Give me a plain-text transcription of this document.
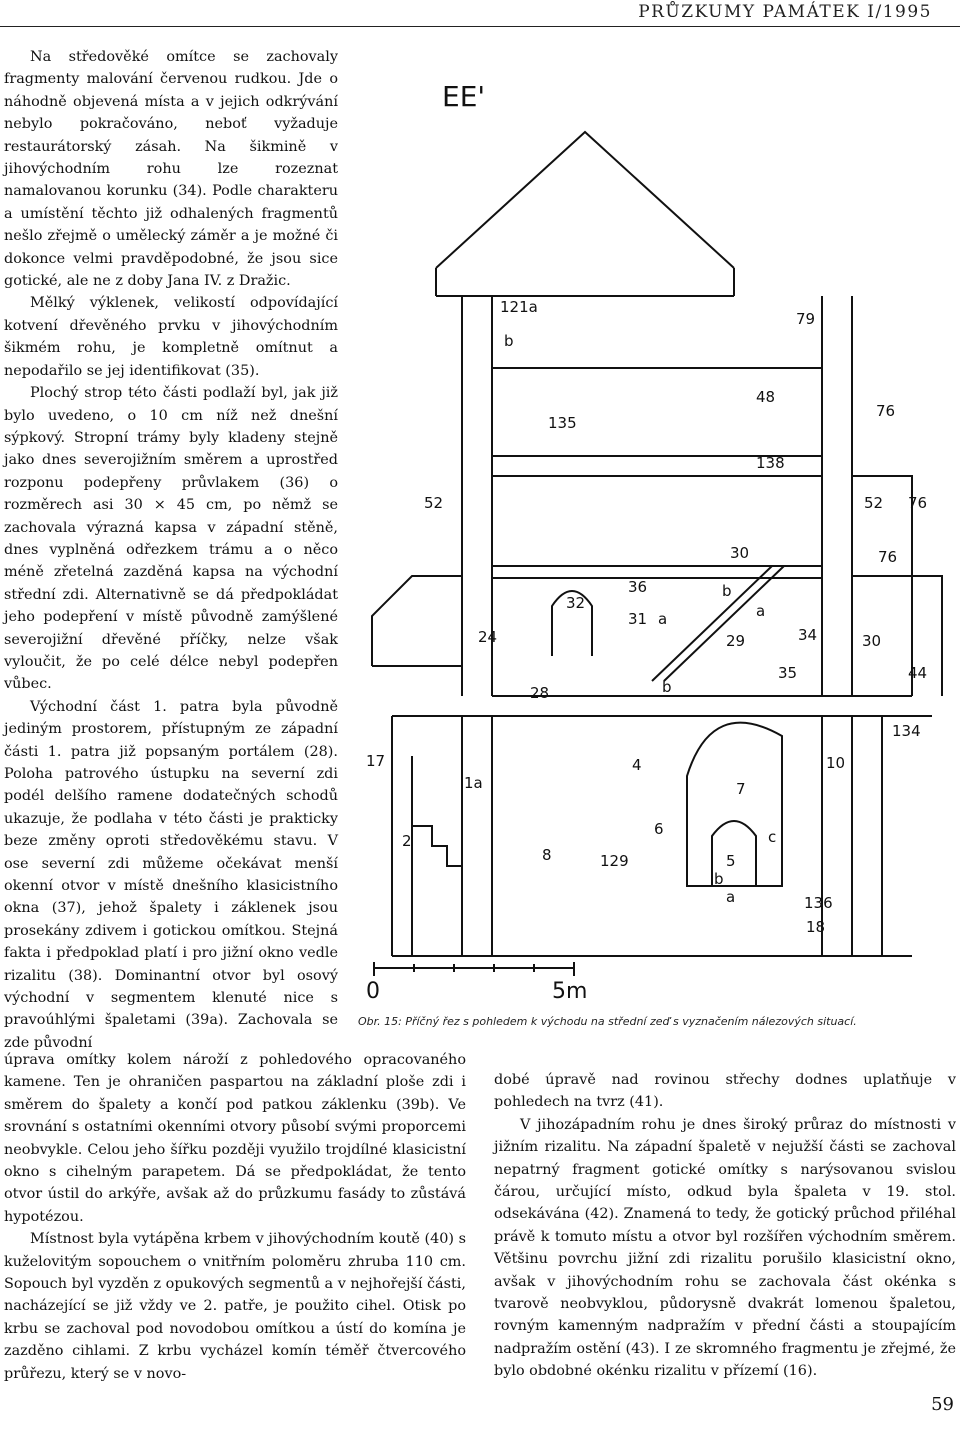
PRŮZKUMY PAMÁTEK I/1995

Na středověké omítce se zachovaly fragmenty malování červenou rudkou. Jde o náhodně objevená místa a v jejich odkrývání nebylo pokračováno, neboť vyžaduje restaurátorský zásah. Na šikmině v jihovýchodním rohu lze rozeznat namalovanou korunku (34). Podle charakteru a umístění těchto již odhalených fragmentů nešlo zřejmě o umělecký záměr a je možné či dokonce velmi pravděpodobné, že jsou sice gotické, ale ne z doby Jana IV. z Dražic.

Mělký výklenek, velikostí odpovídající kotvení dřevěného prvku v jihovýchodním šikmém rohu, je kompletně omítnut a nepodařilo se jej identifikovat (35).

Plochý strop této části podlaží byl, jak již bylo uvedeno, o 10 cm níž než dnešní sýpkový. Stropní trámy byly kladeny stejně jako dnes severojižním směrem a uprostřed rozponu podepřeny průvlakem (36) o rozměrech asi 30 × 45 cm, po němž se zachovala výrazná kapsa v západní stěně, dnes vyplněná odřezkem trámu a o něco méně zřetelná zazděná kapsa na východní střední zdi. Alternativně se dá předpokládat jeho podepření v místě původně zamýšlené severojižní dřevěné příčky, nelze však vyloučit, že po celé délce nebyl podepřen vůbec.

Východní část 1. patra byla původně jediným prostorem, přístupným ze západní části 1. patra již popsaným portálem (28). Poloha patrového ústupku na severní zdi podél delšího ramene dodatečných schodů ukazuje, že podlaha v této části je prakticky beze změny oproti středověkému stavu. V ose severní zdi můžeme očekávat menší okenní otvor v místě dnešního klasicistního okna (37), jehož špalety i záklenek jsou prosekány zdivem i gotickou omítkou. Stejná fakta i předpoklad platí i pro jižní okno vedle rizalitu (38). Dominantní otvor byl osový východní v segmentem klenuté nice s pravoúhlými špaletami (39a). Zachovala se zde původní

EE'
0	5m
121a
b
79
135
48
76
138
52	52 76
30	76
36
32
31 a
b
a
24	29	34	30
35	44
28	b
17
134
4	10
1a	7
6	c
2
8	129	5
b
a	136
18
Obr. 15: Příčný řez s pohledem k východu na střední zeď s vyznačením nálezových situací.

úprava omítky kolem nároží z pohledového opracovaného kamene. Ten je ohraničen paspartou na základní ploše zdi i směrem do špalety a končí pod patkou záklenku (39b). Ve srovnání s ostatními okenními otvory působí svými proporcemi neobvykle. Celou jeho šířku později využilo trojdílné klasicistní okno s cihelným parapetem. Dá se předpokládat, že tento otvor ústil do arkýře, avšak až do průzkumu fasády to zůstává hypotézou.

Místnost byla vytápěna krbem v jihovýchodním koutě (40) s kuželovitým sopouchem o vnitřním poloměru zhruba 110 cm. Sopouch byl vyzděn z opukových segmentů a v nejhořejší části, nacházející se již vždy ve 2. patře, je použito cihel. Otisk po krbu se zachoval pod novodobou omítkou a ústí do komína je zazděno cihlami. Z krbu vycházel komín téměř čtvercového průřezu, který se v novo-

dobé úpravě nad rovinou střechy dodnes uplatňuje v pohledech na tvrz (41).

V jihozápadním rohu je dnes široký průraz do místnosti v jižním rizalitu. Na západní špaletě v nejužší části se zachoval nepatrný fragment gotické omítky s narýsovanou svislou čárou, určující místo, odkud byla špaleta v 19. stol. odsekávána (42). Znamená to tedy, že gotický průchod přiléhal právě k tomuto místu a otvor byl rozšířen východním směrem. Většinu povrchu jižní zdi rizalitu porušilo klasicistní okno, avšak v jihovýchodním rohu se zachovala část okénka s tvarově neobvyklou, půdorysně dvakrát lomenou špaletou, rovným kamenným nadpražím v přední části a stoupajícím nadpražím ostění (43). I ze skromného fragmentu je zřejmé, že bylo obdobné okénku rizalitu v přízemí (16).

59
